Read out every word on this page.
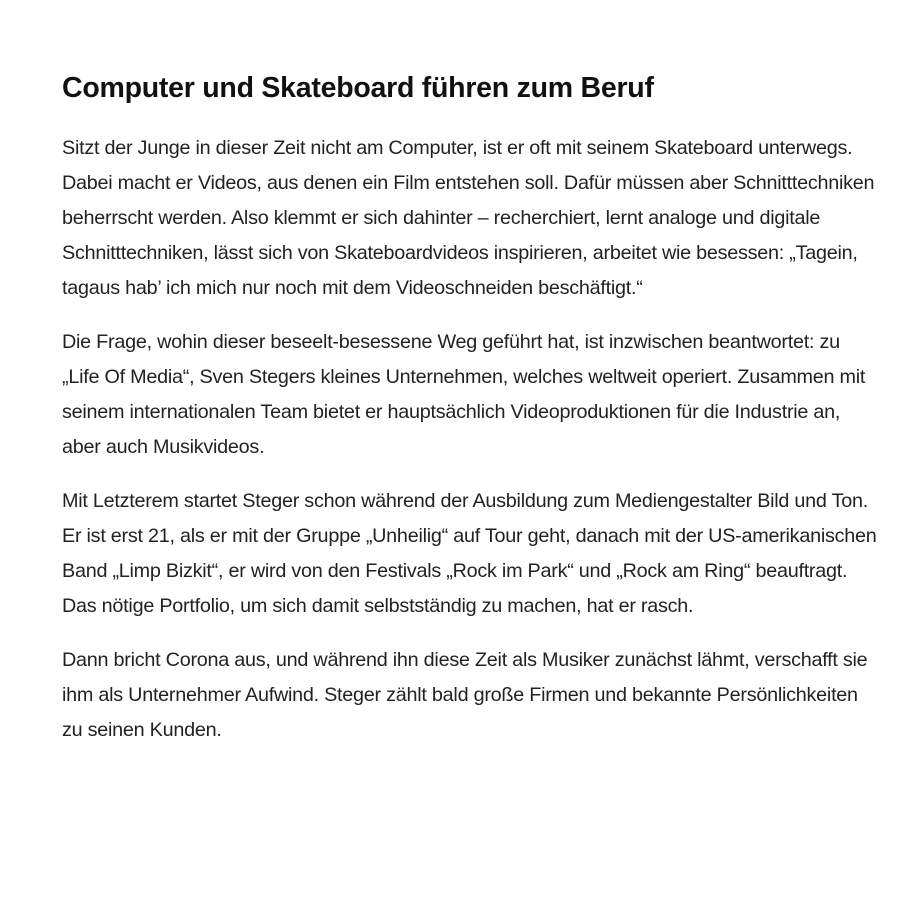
Computer und Skateboard führen zum Beruf

Sitzt der Junge in dieser Zeit nicht am Computer, ist er oft mit seinem Skateboard unterwegs. Dabei macht er Videos, aus denen ein Film entstehen soll. Dafür müssen aber Schnitttechniken beherrscht werden. Also klemmt er sich dahinter – recherchiert, lernt analoge und digitale Schnitttechniken, lässt sich von Skateboardvideos inspirieren, arbeitet wie besessen: „Tagein, tagaus hab’ ich mich nur noch mit dem Videoschneiden beschäftigt.“

Die Frage, wohin dieser beseelt-besessene Weg geführt hat, ist inzwischen beantwortet: zu „Life Of Media“, Sven Stegers kleines Unternehmen, welches weltweit operiert. Zusammen mit seinem internationalen Team bietet er hauptsächlich Videoproduktionen für die Industrie an, aber auch Musikvideos.

Mit Letzterem startet Steger schon während der Ausbildung zum Mediengestalter Bild und Ton. Er ist erst 21, als er mit der Gruppe „Unheilig“ auf Tour geht, danach mit der US-amerikanischen Band „Limp Bizkit“, er wird von den Festivals „Rock im Park“ und „Rock am Ring“ beauftragt. Das nötige Portfolio, um sich damit selbstständig zu machen, hat er rasch.

Dann bricht Corona aus, und während ihn diese Zeit als Musiker zunächst lähmt, verschafft sie ihm als Unternehmer Aufwind. Steger zählt bald große Firmen und bekannte Persönlichkeiten zu seinen Kunden.
